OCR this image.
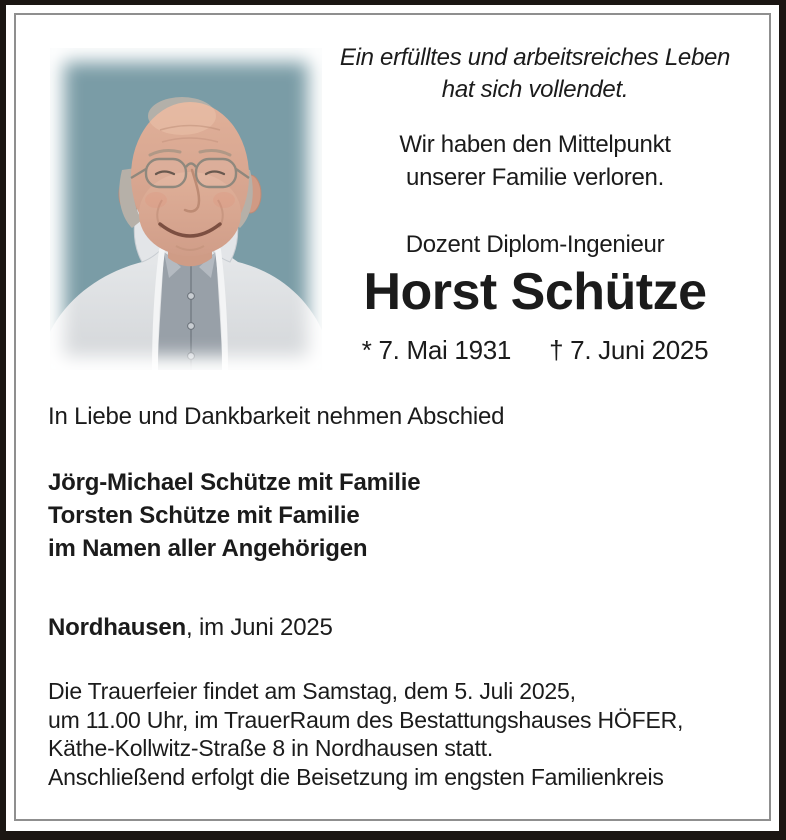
Ein erfülltes und arbeitsreiches Leben
hat sich vollendet.
Wir haben den Mittelpunkt
unserer Familie verloren.
Dozent Diplom-Ingenieur
Horst Schütze
* 7. Mai 1931 † 7. Juni 2025
In Liebe und Dankbarkeit nehmen Abschied
Jörg-Michael Schütze mit Familie
Torsten Schütze mit Familie
im Namen aller Angehörigen
Nordhausen, im Juni 2025
Die Trauerfeier findet am Samstag, dem 5. Juli 2025,
um 11.00 Uhr, im TrauerRaum des Bestattungshauses HÖFER,
Käthe-Kollwitz-Straße 8 in Nordhausen statt.
Anschließend erfolgt die Beisetzung im engsten Familienkreis
